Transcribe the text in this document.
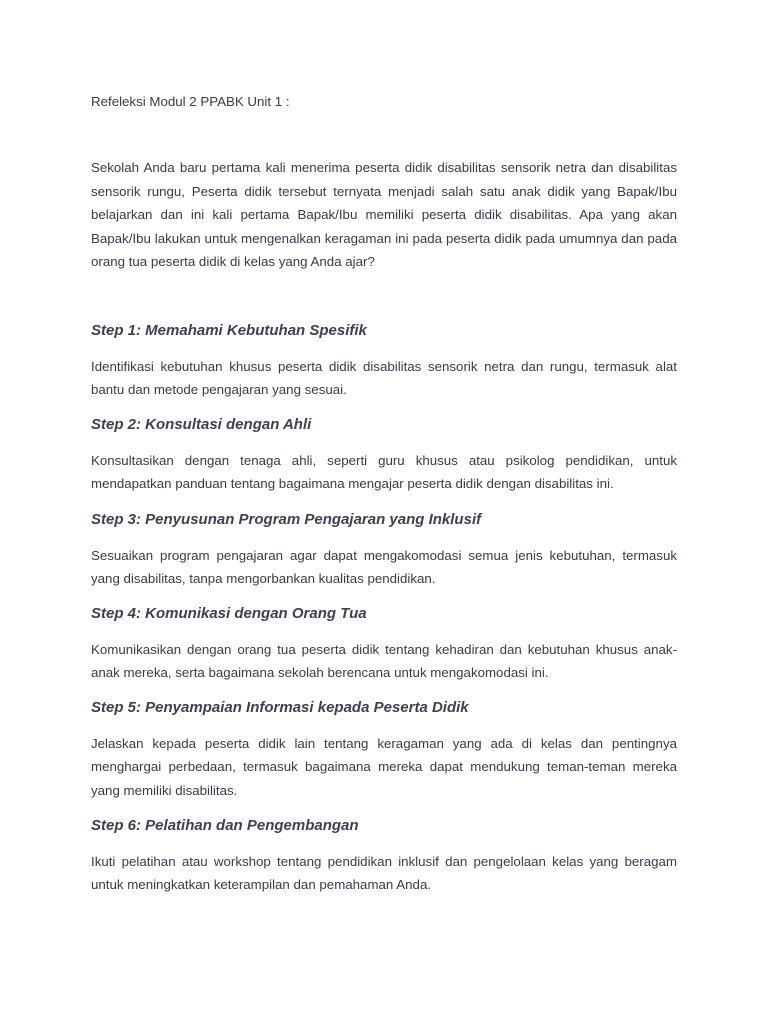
Refeleksi Modul 2 PPABK Unit 1 :

Sekolah Anda baru pertama kali menerima peserta didik disabilitas sensorik netra dan disabilitas sensorik rungu, Peserta didik tersebut ternyata menjadi salah satu anak didik yang Bapak/Ibu belajarkan dan ini kali pertama Bapak/Ibu memiliki peserta didik disabilitas. Apa yang akan Bapak/Ibu lakukan untuk mengenalkan keragaman ini pada peserta didik pada umumnya dan pada orang tua peserta didik di kelas yang Anda ajar?

Step 1: Memahami Kebutuhan Spesifik

Identifikasi kebutuhan khusus peserta didik disabilitas sensorik netra dan rungu, termasuk alat bantu dan metode pengajaran yang sesuai.

Step 2: Konsultasi dengan Ahli

Konsultasikan dengan tenaga ahli, seperti guru khusus atau psikolog pendidikan, untuk mendapatkan panduan tentang bagaimana mengajar peserta didik dengan disabilitas ini.

Step 3: Penyusunan Program Pengajaran yang Inklusif

Sesuaikan program pengajaran agar dapat mengakomodasi semua jenis kebutuhan, termasuk yang disabilitas, tanpa mengorbankan kualitas pendidikan.

Step 4: Komunikasi dengan Orang Tua

Komunikasikan dengan orang tua peserta didik tentang kehadiran dan kebutuhan khusus anak-anak mereka, serta bagaimana sekolah berencana untuk mengakomodasi ini.

Step 5: Penyampaian Informasi kepada Peserta Didik

Jelaskan kepada peserta didik lain tentang keragaman yang ada di kelas dan pentingnya menghargai perbedaan, termasuk bagaimana mereka dapat mendukung teman-teman mereka yang memiliki disabilitas.

Step 6: Pelatihan dan Pengembangan

Ikuti pelatihan atau workshop tentang pendidikan inklusif dan pengelolaan kelas yang beragam untuk meningkatkan keterampilan dan pemahaman Anda.
